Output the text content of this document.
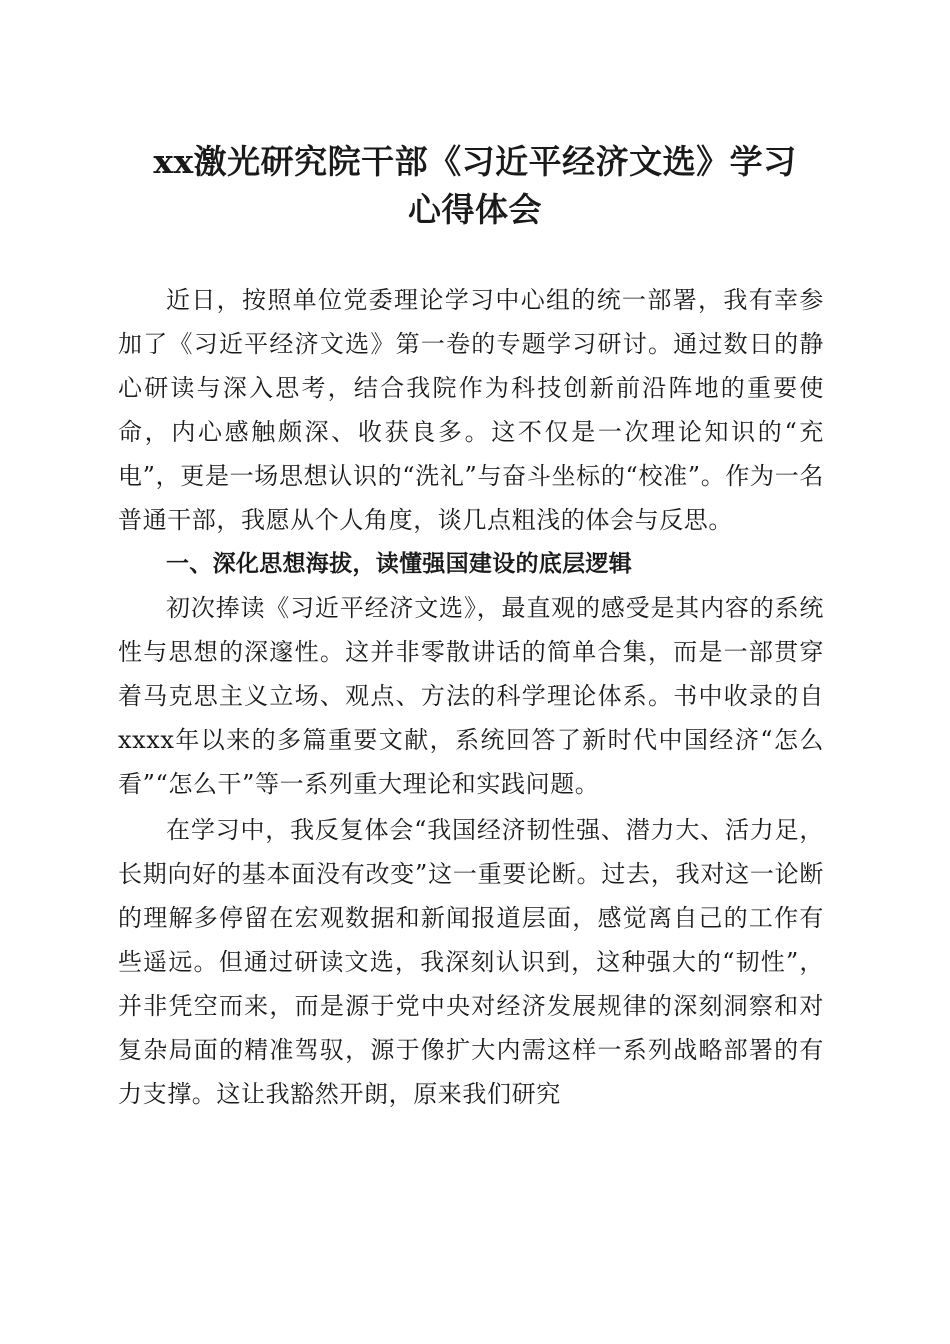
xx激光研究院干部《习近平经济文选》学习
心得体会

近日，按照单位党委理论学习中心组的统一部署，我有幸参加了《习近平经济文选》第一卷的专题学习研讨。通过数日的静心研读与深入思考，结合我院作为科技创新前沿阵地的重要使命，内心感触颇深、收获良多。这不仅是一次理论知识的“充电”，更是一场思想认识的“洗礼”与奋斗坐标的“校准”。作为一名普通干部，我愿从个人角度，谈几点粗浅的体会与反思。

一、深化思想海拔，读懂强国建设的底层逻辑

初次捧读《习近平经济文选》，最直观的感受是其内容的系统性与思想的深邃性。这并非零散讲话的简单合集，而是一部贯穿着马克思主义立场、观点、方法的科学理论体系。书中收录的自xxxx年以来的多篇重要文献，系统回答了新时代中国经济“怎么看”“怎么干”等一系列重大理论和实践问题。

在学习中，我反复体会“我国经济韧性强、潜力大、活力足，长期向好的基本面没有改变”这一重要论断。过去，我对这一论断的理解多停留在宏观数据和新闻报道层面，感觉离自己的工作有些遥远。但通过研读文选，我深刻认识到，这种强大的“韧性”，并非凭空而来，而是源于党中央对经济发展规律的深刻洞察和对复杂局面的精准驾驭，源于像扩大内需这样一系列战略部署的有力支撑。这让我豁然开朗，原来我们研究
